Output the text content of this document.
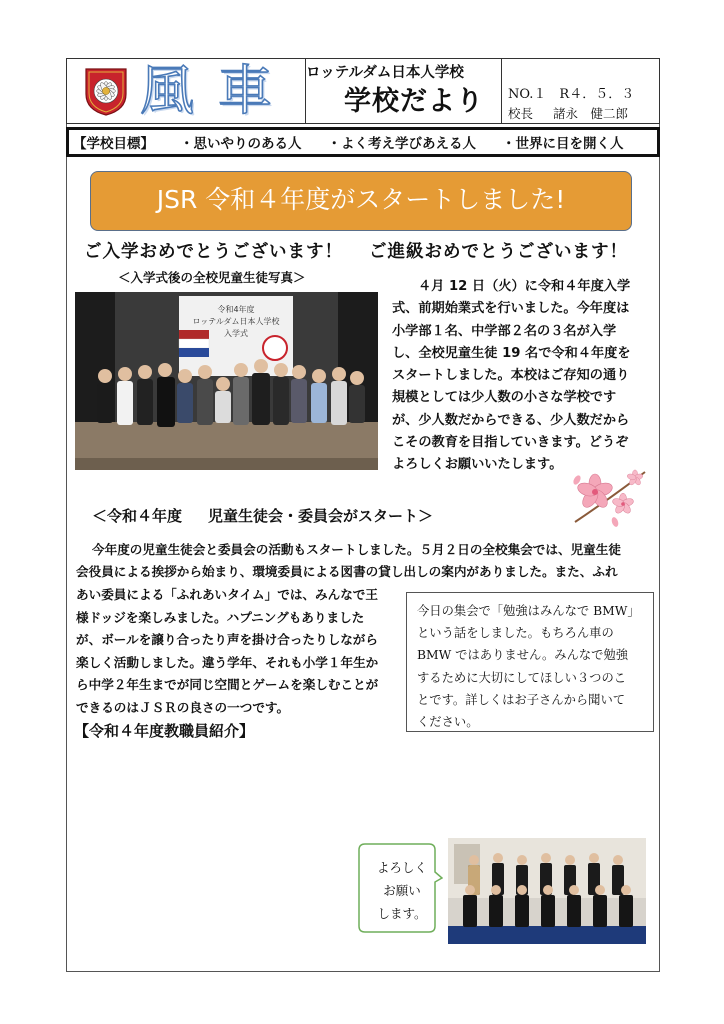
風車 ロッテルダム日本人学校
学校だより NO.１　R４．５．３
校長 諸永　健二郎
【学校目標】 ・思いやりのある人 ・よく考え学びあえる人 ・世界に目を開く人
JSR 令和４年度がスタートしました!
ご入学おめでとうございます！ ご進級おめでとうございます！
＜入学式後の全校児童生徒写真＞
令和4年度
ロッテルダム日本人学校
入学式

４月 12 日（火）に令和４年度入学

式、前期始業式を行いました。今年度は

小学部１名、中学部２名の３名が入学

し、全校児童生徒 19 名で令和４年度を

スタートしました。本校はご存知の通り

規模としては少人数の小さな学校です

が、少人数だからできる、少人数だから

こその教育を目指していきます。どうぞ

よろしくお願いいたします。

＜令和４年度 児童生徒会・委員会がスタート＞

今年度の児童生徒会と委員会の活動もスタートしました。５月２日の全校集会では、児童生徒

会役員による挨拶から始まり、環境委員による図書の貸し出しの案内がありました。また、ふれ

あい委員による「ふれあいタイム」では、みんなで王

様ドッジを楽しみました。ハプニングもありました

が、ボールを譲り合ったり声を掛け合ったりしながら

楽しく活動しました。違う学年、それも小学１年生か

ら中学２年生までが同じ空間とゲームを楽しむことが

できるのはＪＳＲの良さの一つです。

今日の集会で「勉強はみんなで BMW」

という話をしました。もちろん車の

BMW ではありません。みんなで勉強

するために大切にしてほしい３つのこ

とです。詳しくはお子さんから聞いて

ください。

【令和４年度教職員紹介】

よろしく

お願い

します。
